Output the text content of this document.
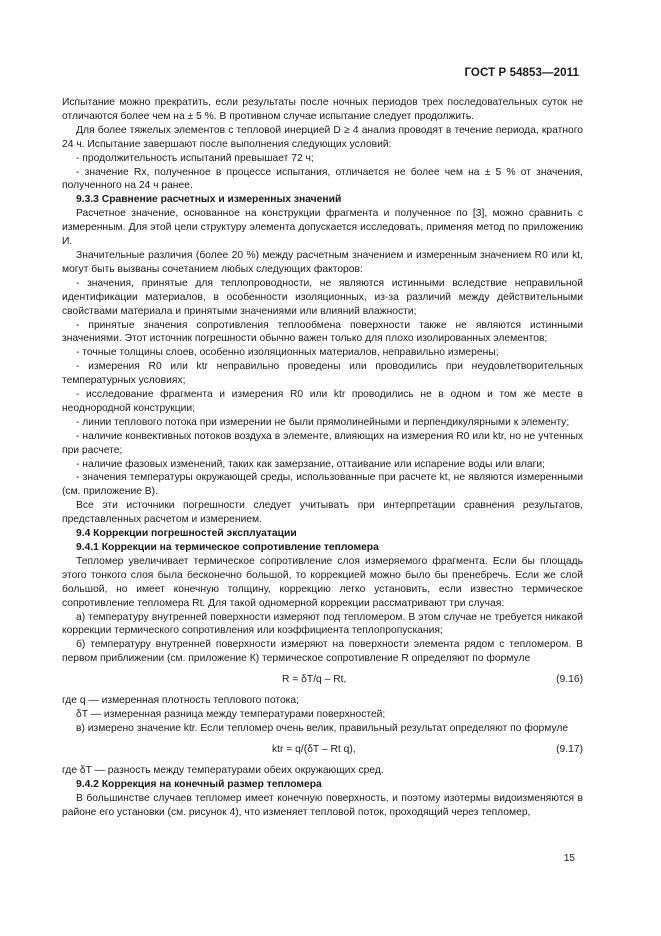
ГОСТ Р 54853—2011

Испытание можно прекратить, если результаты после ночных периодов трех последовательных суток не отличаются более чем на ± 5 %. В противном случае испытание следует продолжить.

Для более тяжелых элементов с тепловой инерцией D ≥ 4 анализ проводят в течение периода, кратного 24 ч. Испытание завершают после выполнения следующих условий:

- продолжительность испытаний превышает 72 ч;

- значение Rx, полученное в процессе испытания, отличается не более чем на ± 5 % от значения, полученного на 24 ч ранее.

9.3.3 Сравнение расчетных и измеренных значений

Расчетное значение, основанное на конструкции фрагмента и полученное по [3], можно сравнить с измеренным. Для этой цели структуру элемента допускается исследовать, применяя метод по приложению И.

Значительные различия (более 20 %) между расчетным значением и измеренным значением R0 или kt, могут быть вызваны сочетанием любых следующих факторов:

- значения, принятые для теплопроводности, не являются истинными вследствие неправильной идентификации материалов, в особенности изоляционных, из-за различий между действительными свойствами материала и принятыми значениями или влияний влажности;

- принятые значения сопротивления теплообмена поверхности также не являются истинными значениями. Этот источник погрешности обычно важен только для плохо изолированных элементов;

- точные толщины слоев, особенно изоляционных материалов, неправильно измерены;

- измерения R0 или ktr неправильно проведены или проводились при неудовлетворительных температурных условиях;

- исследование фрагмента и измерения R0 или ktr проводились не в одном и том же месте в неоднородной конструкции;

- линии теплового потока при измерении не были прямолинейными и перпендикулярными к элементу;

- наличие конвективных потоков воздуха в элементе, влияющих на измерения R0 или ktr, но не учтенных при расчете;

- наличие фазовых изменений, таких как замерзание, оттаивание или испарение воды или влаги;

- значения температуры окружающей среды, использованные при расчете kt, не являются измеренными (см. приложение В).

Все эти источники погрешности следует учитывать при интерпретации сравнения результатов, представленных расчетом и измерением.

9.4 Коррекции погрешностей эксплуатации

9.4.1 Коррекции на термическое сопротивление тепломера

Тепломер увеличивает термическое сопротивление слоя измеряемого фрагмента. Если бы площадь этого тонкого слоя была бесконечно большой, то коррекцией можно было бы пренебречь. Если же слой большой, но имеет конечную толщину, коррекцию легко установить, если известно термическое сопротивление тепломера Rt. Для такой одномерной коррекции рассматривают три случая:

а) температуру внутренней поверхности измеряют под тепломером. В этом случае не требуется никакой коррекции термического сопротивления или коэффициента теплопропускания;

б) температуру внутренней поверхности измеряют на поверхности элемента рядом с тепломером. В первом приближении (см. приложение К) термическое сопротивление R определяют по формуле

R = δT/q – Rt,	(9.16)

где q — измеренная плотность теплового потока;

δT — измеренная разница между температурами поверхностей;

в) измерено значение ktr. Если тепломер очень велик, правильный результат определяют по формуле

ktr = q/(δT – Rt q),	(9.17)

где δT — разность между температурами обеих окружающих сред.

9.4.2 Коррекция на конечный размер тепломера

В большинстве случаев тепломер имеет конечную поверхность, и поэтому изотермы видоизменяются в районе его установки (см. рисунок 4), что изменяет тепловой поток, проходящий через тепломер,

15
